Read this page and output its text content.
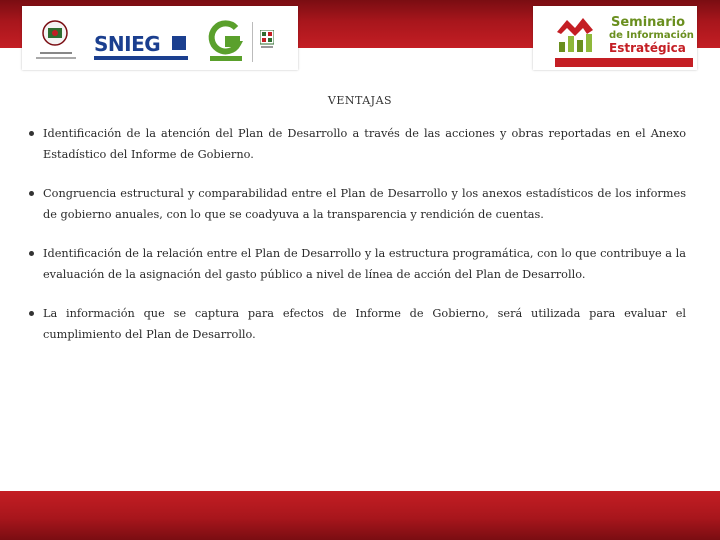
SNIEG
Seminario
de Información
Estratégica
VENTAJAS
Identificación de la atención del Plan de Desarrollo a través de las acciones y obras reportadas en el Anexo Estadístico del Informe de Gobierno.
Congruencia estructural y comparabilidad entre el Plan de Desarrollo y los anexos estadísticos de los informes de gobierno anuales, con lo que se coadyuva a la transparencia y rendición de cuentas.
Identificación de la relación entre el Plan de Desarrollo y la estructura programática, con lo que contribuye a la evaluación de la asignación del gasto público a nivel de línea de acción del Plan de Desarrollo.
La información que se captura para efectos de Informe de Gobierno, será utilizada para evaluar el cumplimiento del Plan de Desarrollo.
